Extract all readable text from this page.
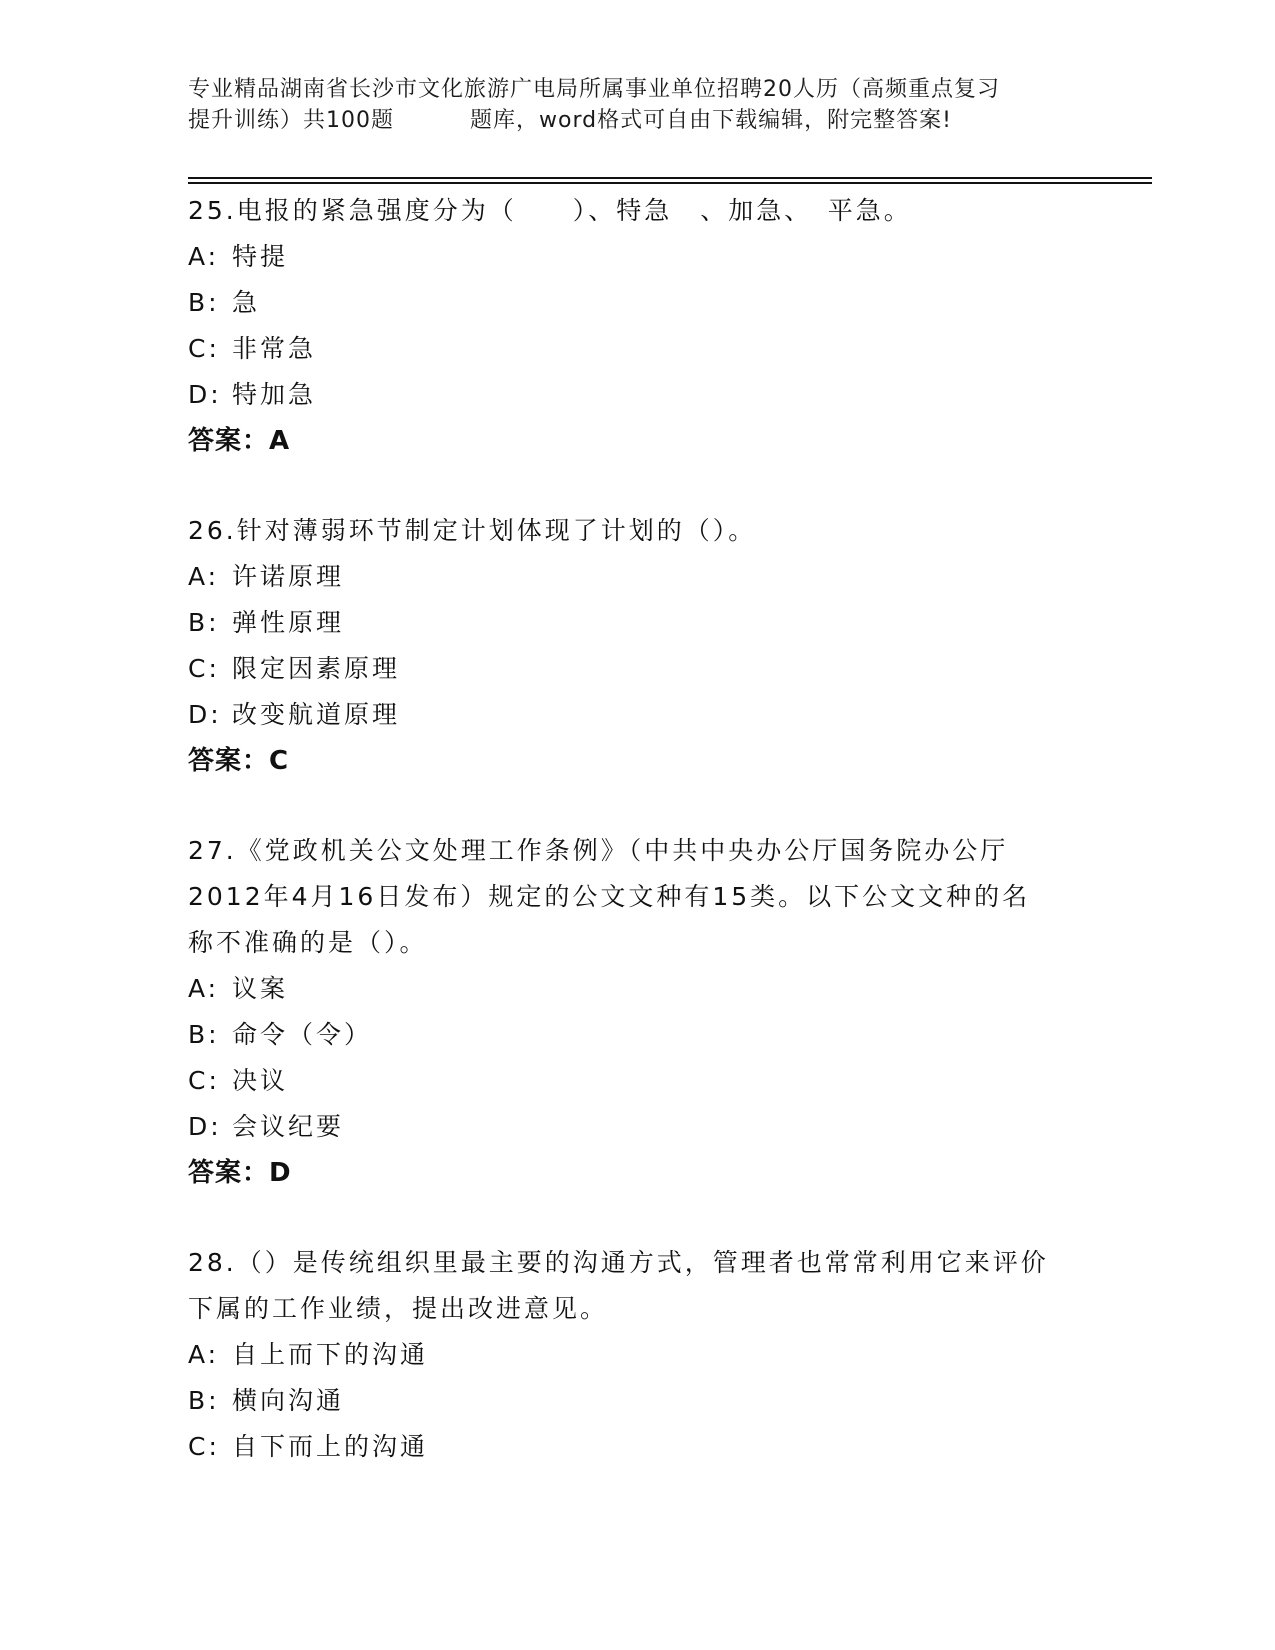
专业精品湖南省长沙市文化旅游广电局所属事业单位招聘20人历（高频重点复习
提升训练）共100题	题库，word格式可自由下载编辑，附完整答案!
25.电报的紧急强度分为（　　）、特急　、加急、　平急。
A: 特提
B: 急
C: 非常急
D: 特加急
答案：A
26.针对薄弱环节制定计划体现了计划的（）。
A: 许诺原理
B: 弹性原理
C: 限定因素原理
D: 改变航道原理
答案：C
27.《党政机关公文处理工作条例》（中共中央办公厅国务院办公厅
2012年4月16日发布）规定的公文文种有15类。以下公文文种的名
称不准确的是（）。
A: 议案
B: 命令（令）
C: 决议
D: 会议纪要
答案：D
28.（）是传统组织里最主要的沟通方式，管理者也常常利用它来评价
下属的工作业绩，提出改进意见。
A: 自上而下的沟通
B: 横向沟通
C: 自下而上的沟通
